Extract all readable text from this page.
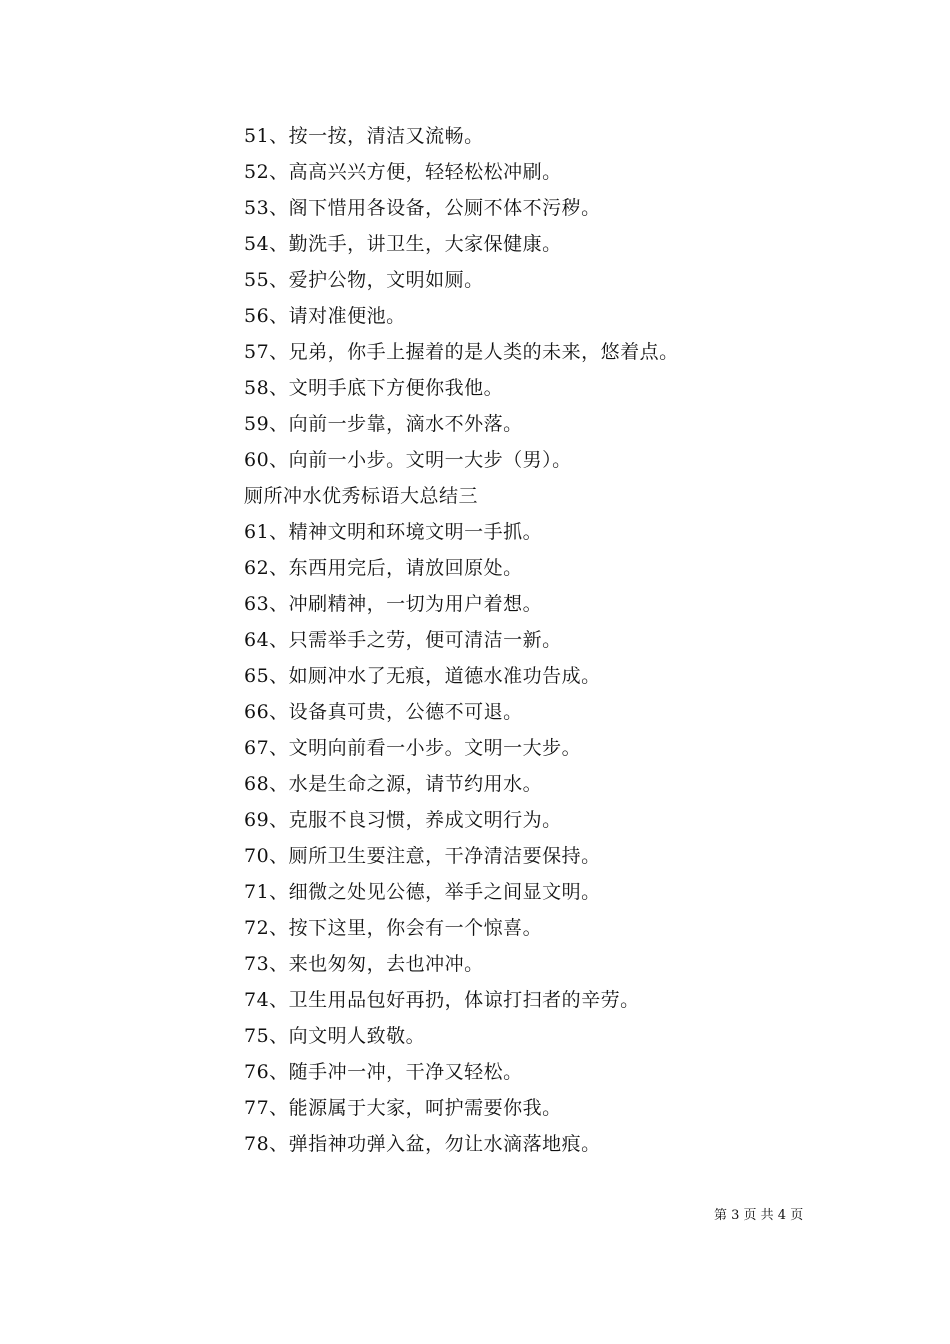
51、按一按，清洁又流畅。
52、高高兴兴方便，轻轻松松冲刷。
53、阁下惜用各设备，公厕不体不污秽。
54、勤洗手，讲卫生，大家保健康。
55、爱护公物，文明如厕。
56、请对准便池。
57、兄弟，你手上握着的是人类的未来，悠着点。
58、文明手底下方便你我他。
59、向前一步靠，滴水不外落。
60、向前一小步。文明一大步（男）。
厕所冲水优秀标语大总结三
61、精神文明和环境文明一手抓。
62、东西用完后，请放回原处。
63、冲刷精神，一切为用户着想。
64、只需举手之劳，便可清洁一新。
65、如厕冲水了无痕，道德水准功告成。
66、设备真可贵，公德不可退。
67、文明向前看一小步。文明一大步。
68、水是生命之源，请节约用水。
69、克服不良习惯，养成文明行为。
70、厕所卫生要注意，干净清洁要保持。
71、细微之处见公德，举手之间显文明。
72、按下这里，你会有一个惊喜。
73、来也匆匆，去也冲冲。
74、卫生用品包好再扔，体谅打扫者的辛劳。
75、向文明人致敬。
76、随手冲一冲，干净又轻松。
77、能源属于大家，呵护需要你我。
78、弹指神功弹入盆，勿让水滴落地痕。
第 3 页 共 4 页
